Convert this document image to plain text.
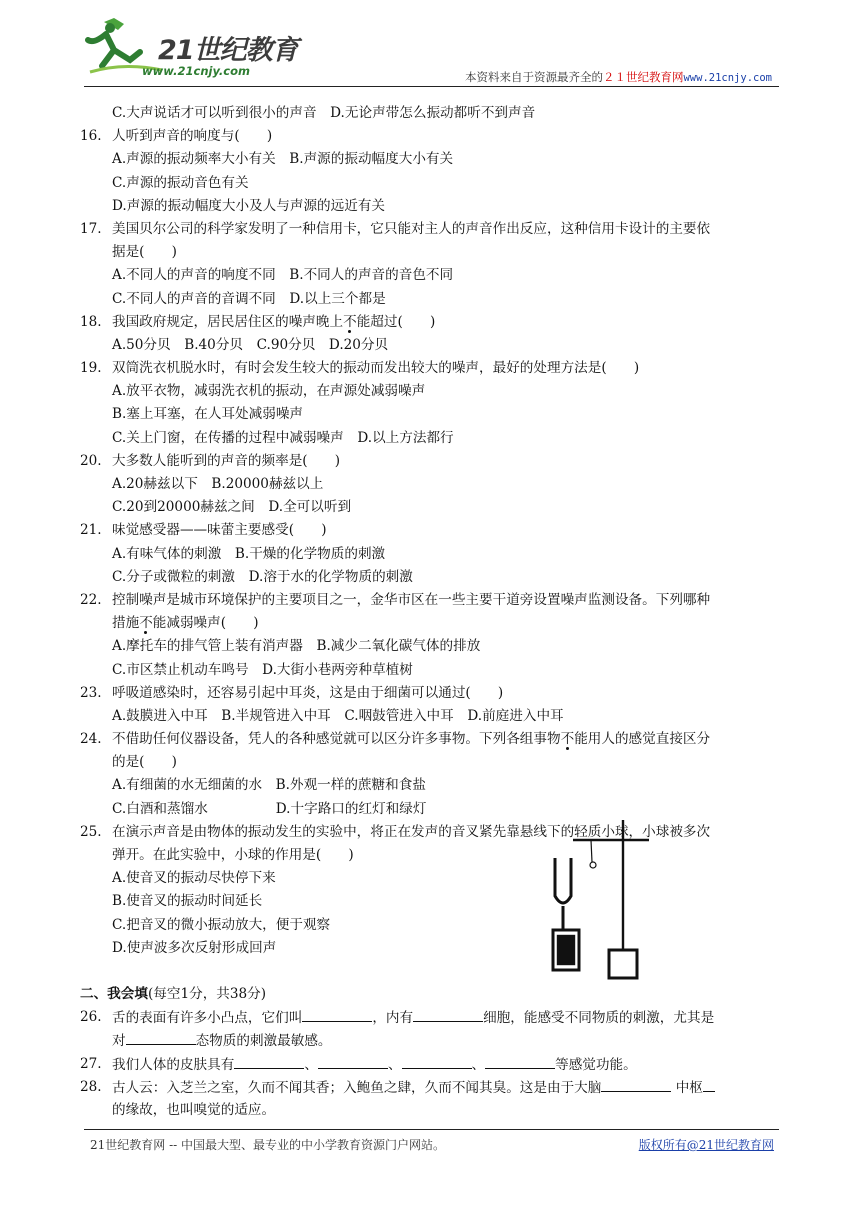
21世纪教育
www.21cnjy.com	本资料来自于资源最齐全的２１世纪教育网www.21cnjy.com
C.大声说话才可以听到很小的声音　D.无论声带怎么振动都听不到声音
16. 人听到声音的响度与(　　)
A.声源的振动频率大小有关　B.声源的振动幅度大小有关
C.声源的振动音色有关
D.声源的振动幅度大小及人与声源的远近有关
17. 美国贝尔公司的科学家发明了一种信用卡，它只能对主人的声音作出反应，这种信用卡设计的主要依
据是(　　)
A.不同人的声音的响度不同　B.不同人的声音的音色不同
C.不同人的声音的音调不同　D.以上三个都是
18. 我国政府规定，居民居住区的噪声晚上不能超过(　　)
A.50分贝　B.40分贝　C.90分贝　D.20分贝
19. 双筒洗衣机脱水时，有时会发生较大的振动而发出较大的噪声，最好的处理方法是(　　)
A.放平衣物，减弱洗衣机的振动，在声源处减弱噪声
B.塞上耳塞，在人耳处减弱噪声
C.关上门窗，在传播的过程中减弱噪声　D.以上方法都行
20. 大多数人能听到的声音的频率是(　　)
A.20赫兹以下　B.20000赫兹以上
C.20到20000赫兹之间　D.全可以听到
21. 味觉感受器——味蕾主要感受(　　)
A.有味气体的刺激　B.干燥的化学物质的刺激
C.分子或微粒的刺激　D.溶于水的化学物质的刺激
22. 控制噪声是城市环境保护的主要项目之一，金华市区在一些主要干道旁设置噪声监测设备。下列哪种
措施不能减弱噪声(　　)
A.摩托车的排气管上装有消声器　B.减少二氧化碳气体的排放
C.市区禁止机动车鸣号　D.大街小巷两旁种草植树
23. 呼吸道感染时，还容易引起中耳炎，这是由于细菌可以通过(　　)
A.鼓膜进入中耳　B.半规管进入中耳　C.咽鼓管进入中耳　D.前庭进入中耳
24. 不借助任何仪器设备，凭人的各种感觉就可以区分许多事物。下列各组事物不能用人的感觉直接区分
的是(　　)
A.有细菌的水无细菌的水　B.外观一样的蔗糖和食盐
C.白酒和蒸馏水　　　　　D.十字路口的红灯和绿灯
25. 在演示声音是由物体的振动发生的实验中，将正在发声的音叉紧先靠悬线下的轻质小球，小球被多次
弹开。在此实验中，小球的作用是(　　)
A.使音叉的振动尽快停下来
B.使音叉的振动时间延长
C.把音叉的微小振动放大，便于观察
D.使声波多次反射形成回声
二、我会填(每空1分，共38分)
26. 舌的表面有许多小凸点，它们叫	，内有	细胞，能感受不同物质的刺激，尤其是
对	态物质的刺激最敏感。
27. 我们人体的皮肤具有	、	、	、	等感觉功能。
28. 古人云：入芝兰之室，久而不闻其香；入鲍鱼之肆，久而不闻其臭。这是由于大脑	中枢
的缘故，也叫嗅觉的适应。
21世纪教育网 -- 中国最大型、最专业的中小学教育资源门户网站。	版权所有@21世纪教育网
